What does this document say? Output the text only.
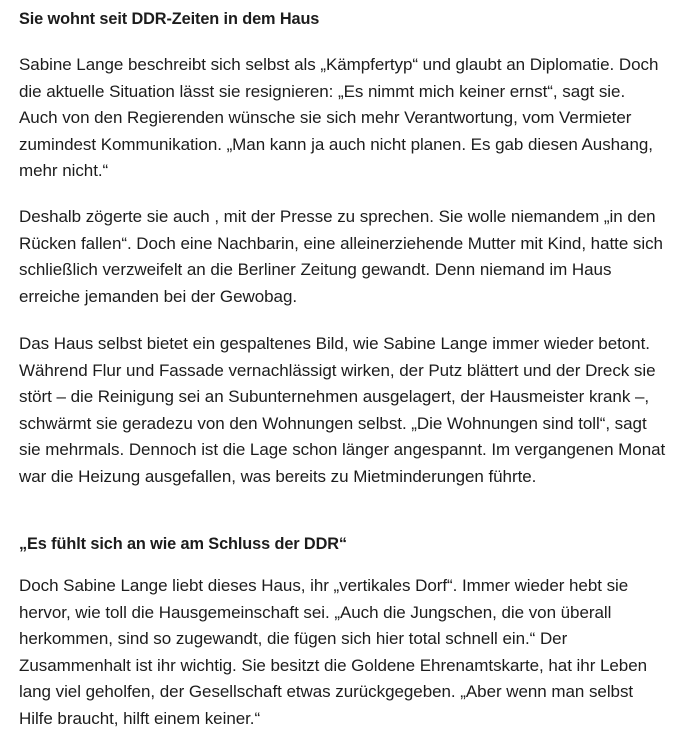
Sie wohnt seit DDR-Zeiten in dem Haus

Sabine Lange beschreibt sich selbst als „Kämpfertyp“ und glaubt an Diplomatie. Doch
die aktuelle Situation lässt sie resignieren: „Es nimmt mich keiner ernst“, sagt sie.
Auch von den Regierenden wünsche sie sich mehr Verantwortung, vom Vermieter
zumindest Kommunikation. „Man kann ja auch nicht planen. Es gab diesen Aushang,
mehr nicht.“

Deshalb zögerte sie auch , mit der Presse zu sprechen. Sie wolle niemandem „in den
Rücken fallen“. Doch eine Nachbarin, eine alleinerziehende Mutter mit Kind, hatte sich
schließlich verzweifelt an die Berliner Zeitung gewandt. Denn niemand im Haus
erreiche jemanden bei der Gewobag.

Das Haus selbst bietet ein gespaltenes Bild, wie Sabine Lange immer wieder betont.
Während Flur und Fassade vernachlässigt wirken, der Putz blättert und der Dreck sie
stört – die Reinigung sei an Subunternehmen ausgelagert, der Hausmeister krank –,
schwärmt sie geradezu von den Wohnungen selbst. „Die Wohnungen sind toll“, sagt
sie mehrmals. Dennoch ist die Lage schon länger angespannt. Im vergangenen Monat
war die Heizung ausgefallen, was bereits zu Mietminderungen führte.

„Es fühlt sich an wie am Schluss der DDR“

Doch Sabine Lange liebt dieses Haus, ihr „vertikales Dorf“. Immer wieder hebt sie
hervor, wie toll die Hausgemeinschaft sei. „Auch die Jungschen, die von überall
herkommen, sind so zugewandt, die fügen sich hier total schnell ein.“ Der
Zusammenhalt ist ihr wichtig. Sie besitzt die Goldene Ehrenamtskarte, hat ihr Leben
lang viel geholfen, der Gesellschaft etwas zurückgegeben. „Aber wenn man selbst
Hilfe braucht, hilft einem keiner.“
